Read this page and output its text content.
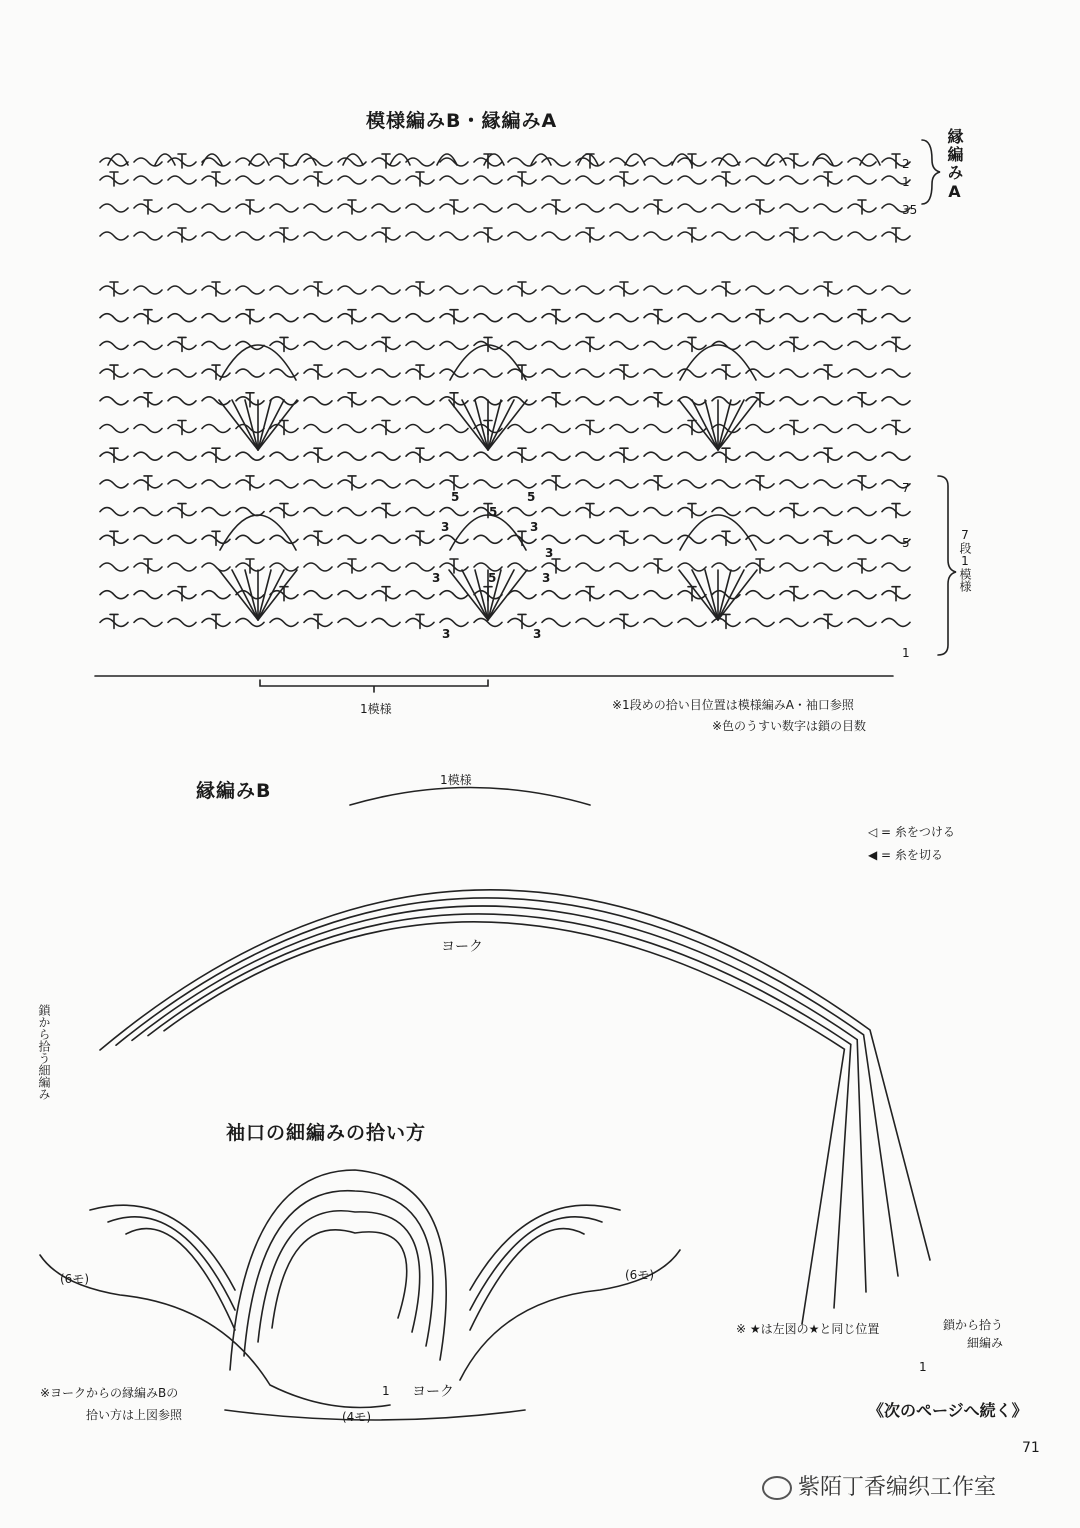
模様編みB・縁編みA
縁編みA
2
1
35
7
5
1
7段1模様
5
5
5
3	3
3
3	5	3
3	3
1模様	※1段めの拾い目位置は模様編みA・袖口参照
※色のうすい数字は鎖の目数
縁編みB	1模様
ヨーク
鎖から拾う細編み
◁ = 糸をつける
◀ = 糸を切る
※ ★は左図の★と同じ位置	鎖から拾う
細編み
1
袖口の細編みの拾い方
(6モ)	(6モ)
(4モ)
ヨーク
1
※ヨークからの縁編みBの
拾い方は上図参照	《次のページへ続く》
71
紫陌丁香编织工作室
